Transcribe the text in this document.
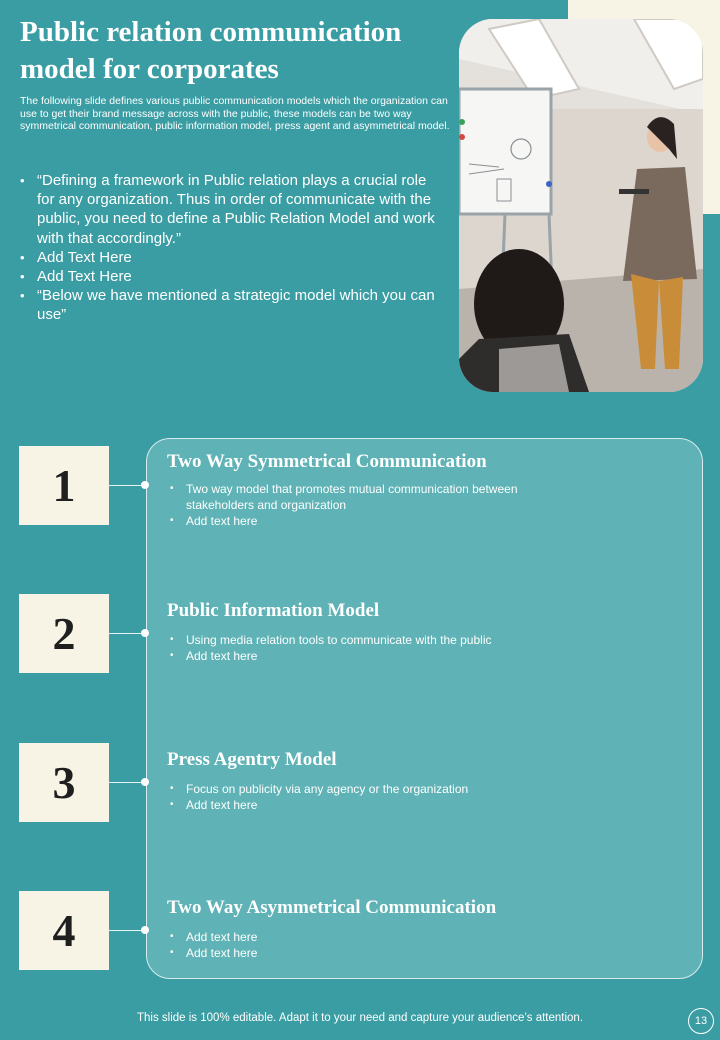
Public relation communication model for corporates

The following slide defines various public communication models which the organization can use to get their brand message across with the public, these models can be two way symmetrical communication, public information model, press agent and asymmetrical model.

• “Defining a framework in Public relation plays a crucial role for any organization. Thus in order of communicate with the public, you need to define a Public Relation Model and work with that accordingly.”
• Add Text Here
• Add Text Here
• “Below we have mentioned a strategic model which you can use”
1	Two Way Symmetrical Communication
• Two way model that promotes mutual communication between stakeholders and organization
• Add text here
2	Public Information Model
• Using media relation tools to communicate with the public
• Add text here
3	Press Agentry Model
• Focus on publicity via any agency or the organization
• Add text here
4	Two Way Asymmetrical Communication
• Add text here
• Add text here
This slide is 100% editable. Adapt it to your need and capture your audience’s attention.	13
